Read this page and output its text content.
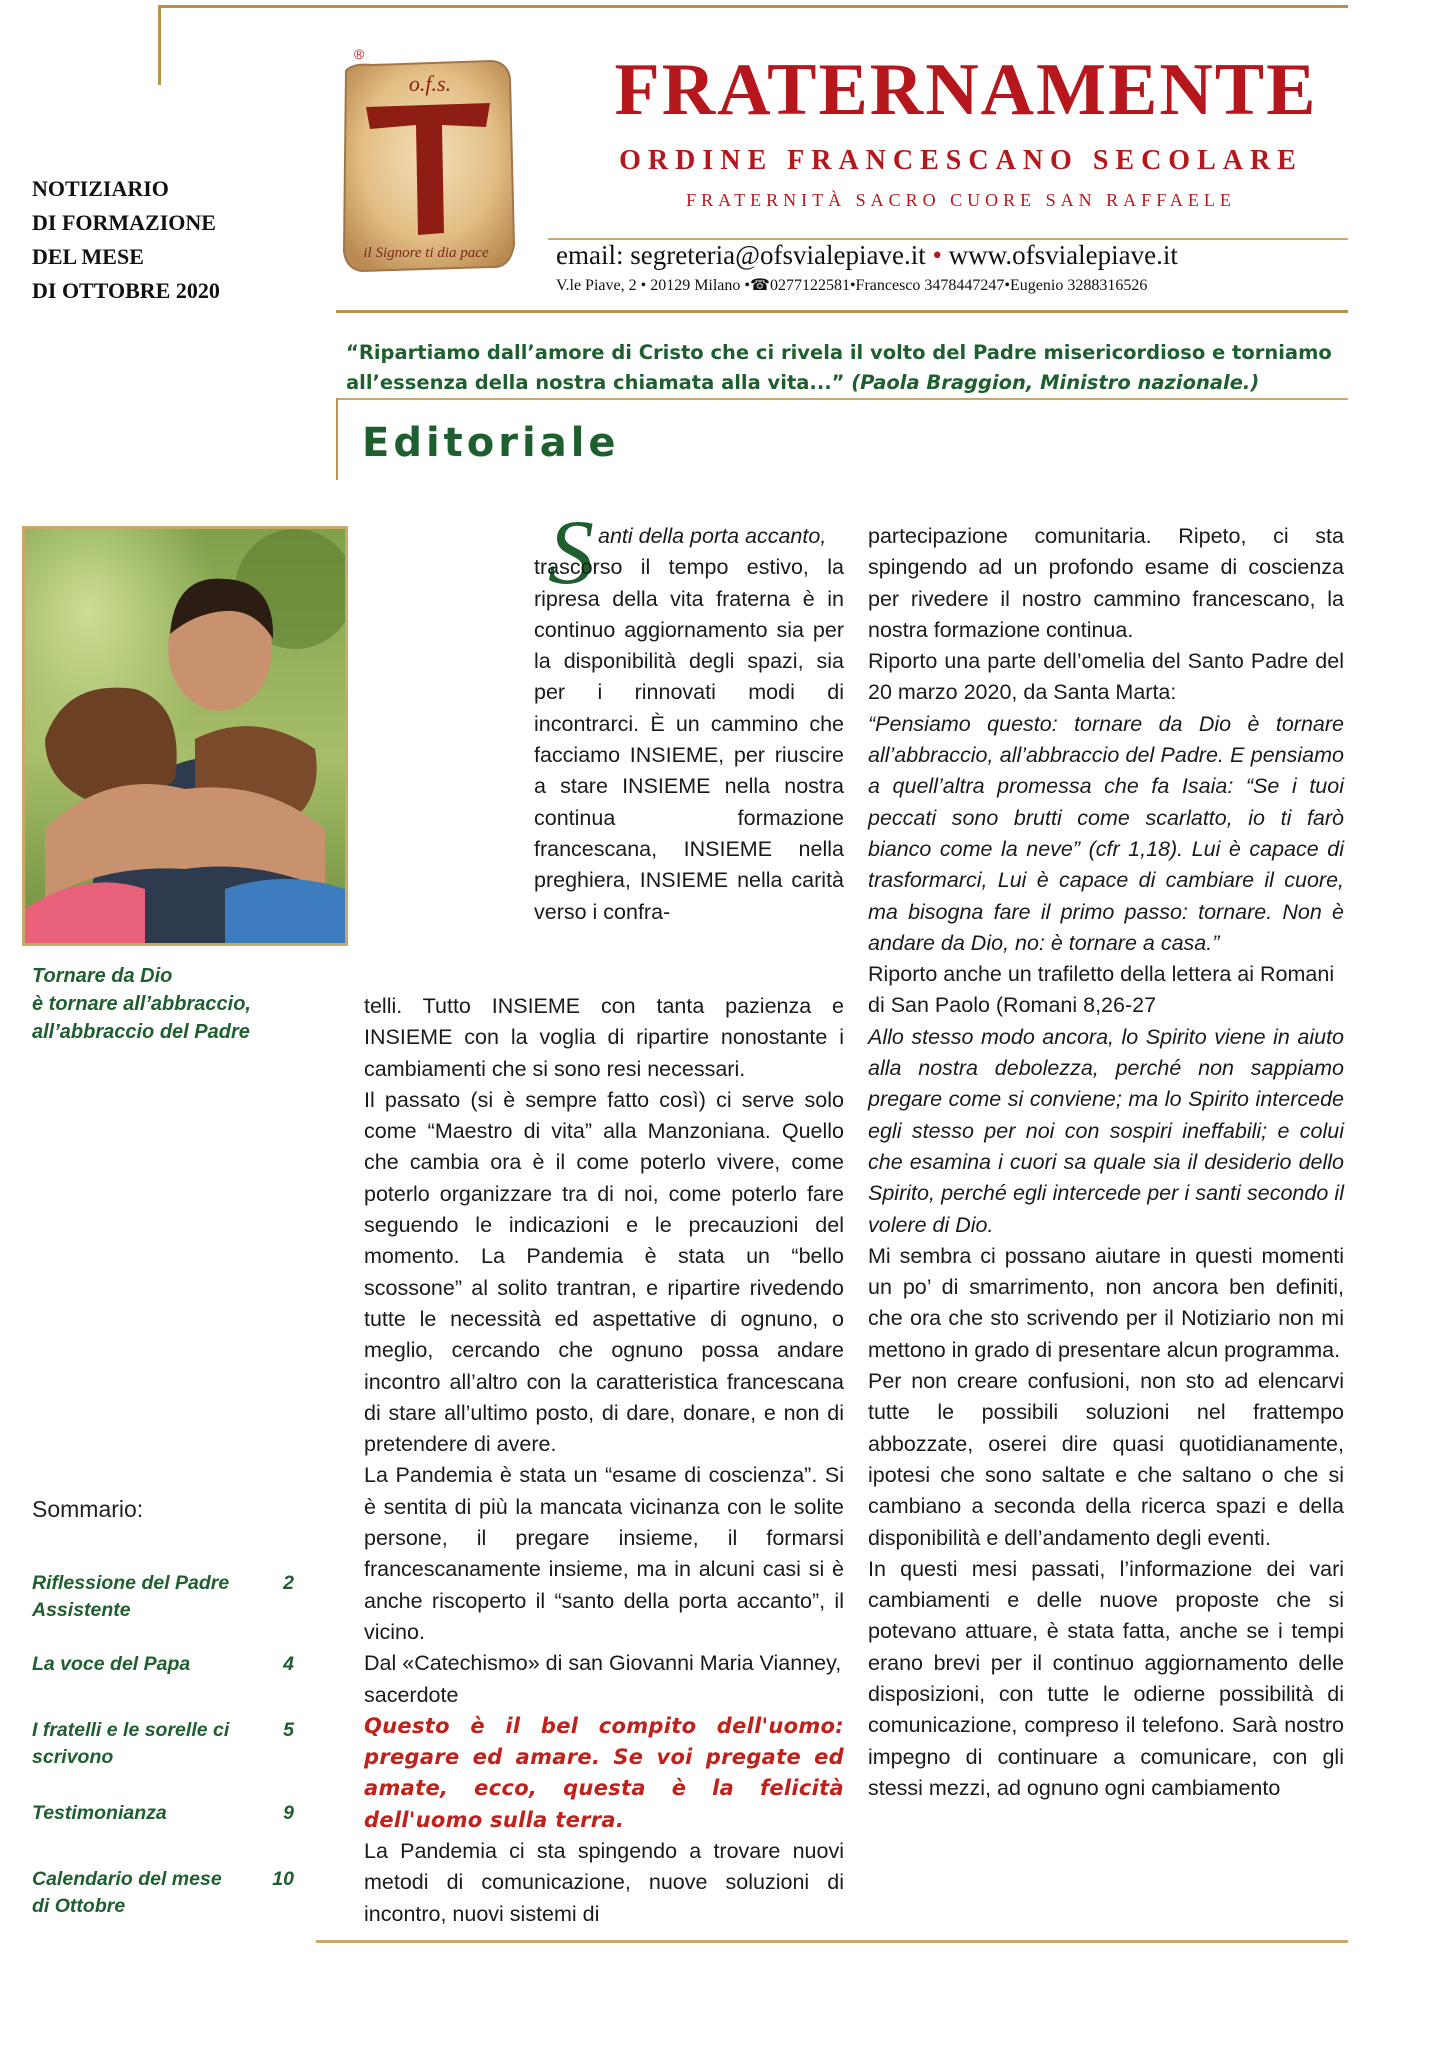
NOTIZIARIO
DI FORMAZIONE
DEL MESE
DI OTTOBRE 2020
®
o.f.s.
il Signore ti dia pace
FRATERNAMENTE
ORDINE FRANCESCANO SECOLARE
FRATERNITÀ SACRO CUORE SAN RAFFAELE
email: segreteria@ofsvialepiave.it • www.ofsvialepiave.it
V.le Piave, 2 • 20129 Milano •☎0277122581•Francesco 3478447247•Eugenio 3288316526
“Ripartiamo dall’amore di Cristo che ci rivela il volto del Padre misericordioso e torniamo all’essenza della nostra chiamata alla vita...” (Paola Braggion, Ministro nazionale.)
Editoriale
Tornare da Dio
è tornare all’abbraccio,
all’abbraccio del Padre
Sommario:
Riflessione del Padre Assistente
2
La voce del Papa	4
I fratelli e le sorelle ci scrivono
5
Testimonianza	9
Calendario del mese di Ottobre
10
S anti della porta accanto,

trascorso il tempo estivo, la ripresa della vita fraterna è in continuo aggiornamento sia per la disponibilità degli spazi, sia per i rinnovati modi di incontrarci. È un cammino che facciamo INSIEME, per riuscire a stare INSIEME nella nostra continua formazione francescana, INSIEME nella preghiera, INSIEME nella carità verso i confra-

telli. Tutto INSIEME con tanta pazienza e INSIEME con la voglia di ripartire nonostante i cambiamenti che si sono resi necessari.

Il passato (si è sempre fatto così) ci serve solo come “Maestro di vita” alla Manzoniana. Quello che cambia ora è il come poterlo vivere, come poterlo organizzare tra di noi, come poterlo fare seguendo le indicazioni e le precauzioni del momento. La Pandemia è stata un “bello scossone” al solito trantran, e ripartire rivedendo tutte le necessità ed aspettative di ognuno, o meglio, cercando che ognuno possa andare incontro all’altro con la caratteristica francescana di stare all’ultimo posto, di dare, donare, e non di pretendere di avere.

La Pandemia è stata un “esame di coscienza”. Si è sentita di più la mancata vicinanza con le solite persone, il pregare insieme, il formarsi francescanamente insieme, ma in alcuni casi si è anche riscoperto il “santo della porta accanto”, il vicino.

Dal «Catechismo» di san Giovanni Maria Vianney, sacerdote

Questo è il bel compito dell'uomo: pregare ed amare. Se voi pregate ed amate, ecco, questa è la felicità dell'uomo sulla terra.

La Pandemia ci sta spingendo a trovare nuovi metodi di comunicazione, nuove soluzioni di incontro, nuovi sistemi di

partecipazione comunitaria. Ripeto, ci sta spingendo ad un profondo esame di coscienza per rivedere il nostro cammino francescano, la nostra formazione continua.

Riporto una parte dell’omelia del Santo Padre del 20 marzo 2020, da Santa Marta:

“Pensiamo questo: tornare da Dio è tornare all’abbraccio, all’abbraccio del Padre. E pensiamo a quell’altra promessa che fa Isaia: “Se i tuoi peccati sono brutti come scarlatto, io ti farò bianco come la neve” (cfr 1,18). Lui è capace di trasformarci, Lui è capace di cambiare il cuore, ma bisogna fare il primo passo: tornare. Non è andare da Dio, no: è tornare a casa.”

Riporto anche un trafiletto della lettera ai Romani di San Paolo (Romani 8,26-27

Allo stesso modo ancora, lo Spirito viene in aiuto alla nostra debolezza, perché non sappiamo pregare come si conviene; ma lo Spirito intercede egli stesso per noi con sospiri ineffabili; e colui che esamina i cuori sa quale sia il desiderio dello Spirito, perché egli intercede per i santi secondo il volere di Dio.

Mi sembra ci possano aiutare in questi momenti un po’ di smarrimento, non ancora ben definiti, che ora che sto scrivendo per il Notiziario non mi mettono in grado di presentare alcun programma.

Per non creare confusioni, non sto ad elencarvi tutte le possibili soluzioni nel frattempo abbozzate, oserei dire quasi quotidianamente, ipotesi che sono saltate e che saltano o che si cambiano a seconda della ricerca spazi e della disponibilità e dell’andamento degli eventi.

In questi mesi passati, l’informazione dei vari cambiamenti e delle nuove proposte che si potevano attuare, è stata fatta, anche se i tempi erano brevi per il continuo aggiornamento delle disposizioni, con tutte le odierne possibilità di comunicazione, compreso il telefono. Sarà nostro impegno di continuare a comunicare, con gli stessi mezzi, ad ognuno ogni cambiamento
